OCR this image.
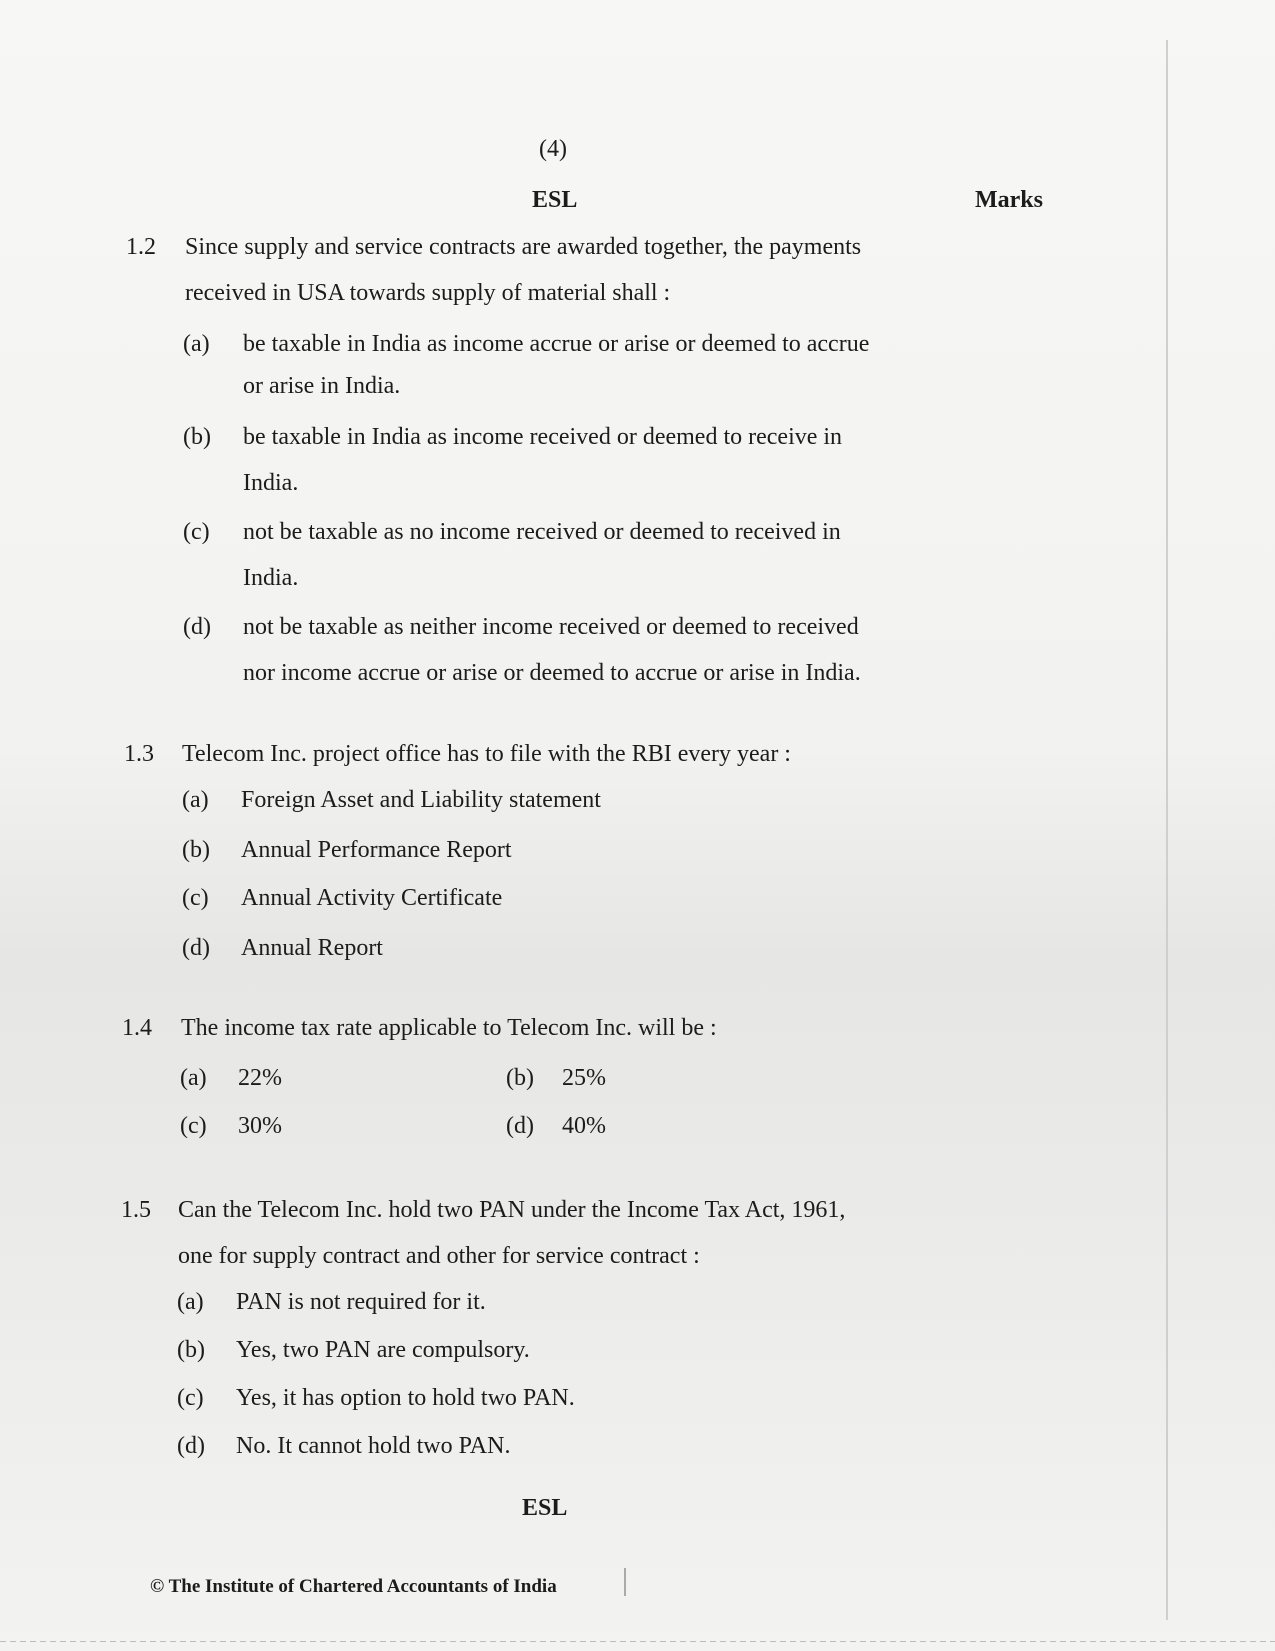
(4)
ESL	Marks
1.2 Since supply and service contracts are awarded together, the payments
received in USA towards supply of material shall :
(a) be taxable in India as income accrue or arise or deemed to accrue
or arise in India.
(b) be taxable in India as income received or deemed to receive in
India.
(c) not be taxable as no income received or deemed to received in
India.
(d) not be taxable as neither income received or deemed to received
nor income accrue or arise or deemed to accrue or arise in India.
1.3 Telecom Inc. project office has to file with the RBI every year :
(a) Foreign Asset and Liability statement
(b) Annual Performance Report
(c) Annual Activity Certificate
(d) Annual Report
1.4 The income tax rate applicable to Telecom Inc. will be :
(a) 22%	(b) 25%
(c) 30%	(d) 40%
1.5 Can the Telecom Inc. hold two PAN under the Income Tax Act, 1961,
one for supply contract and other for service contract :
(a) PAN is not required for it.
(b) Yes, two PAN are compulsory.
(c) Yes, it has option to hold two PAN.
(d) No. It cannot hold two PAN.
ESL
© The Institute of Chartered Accountants of India
